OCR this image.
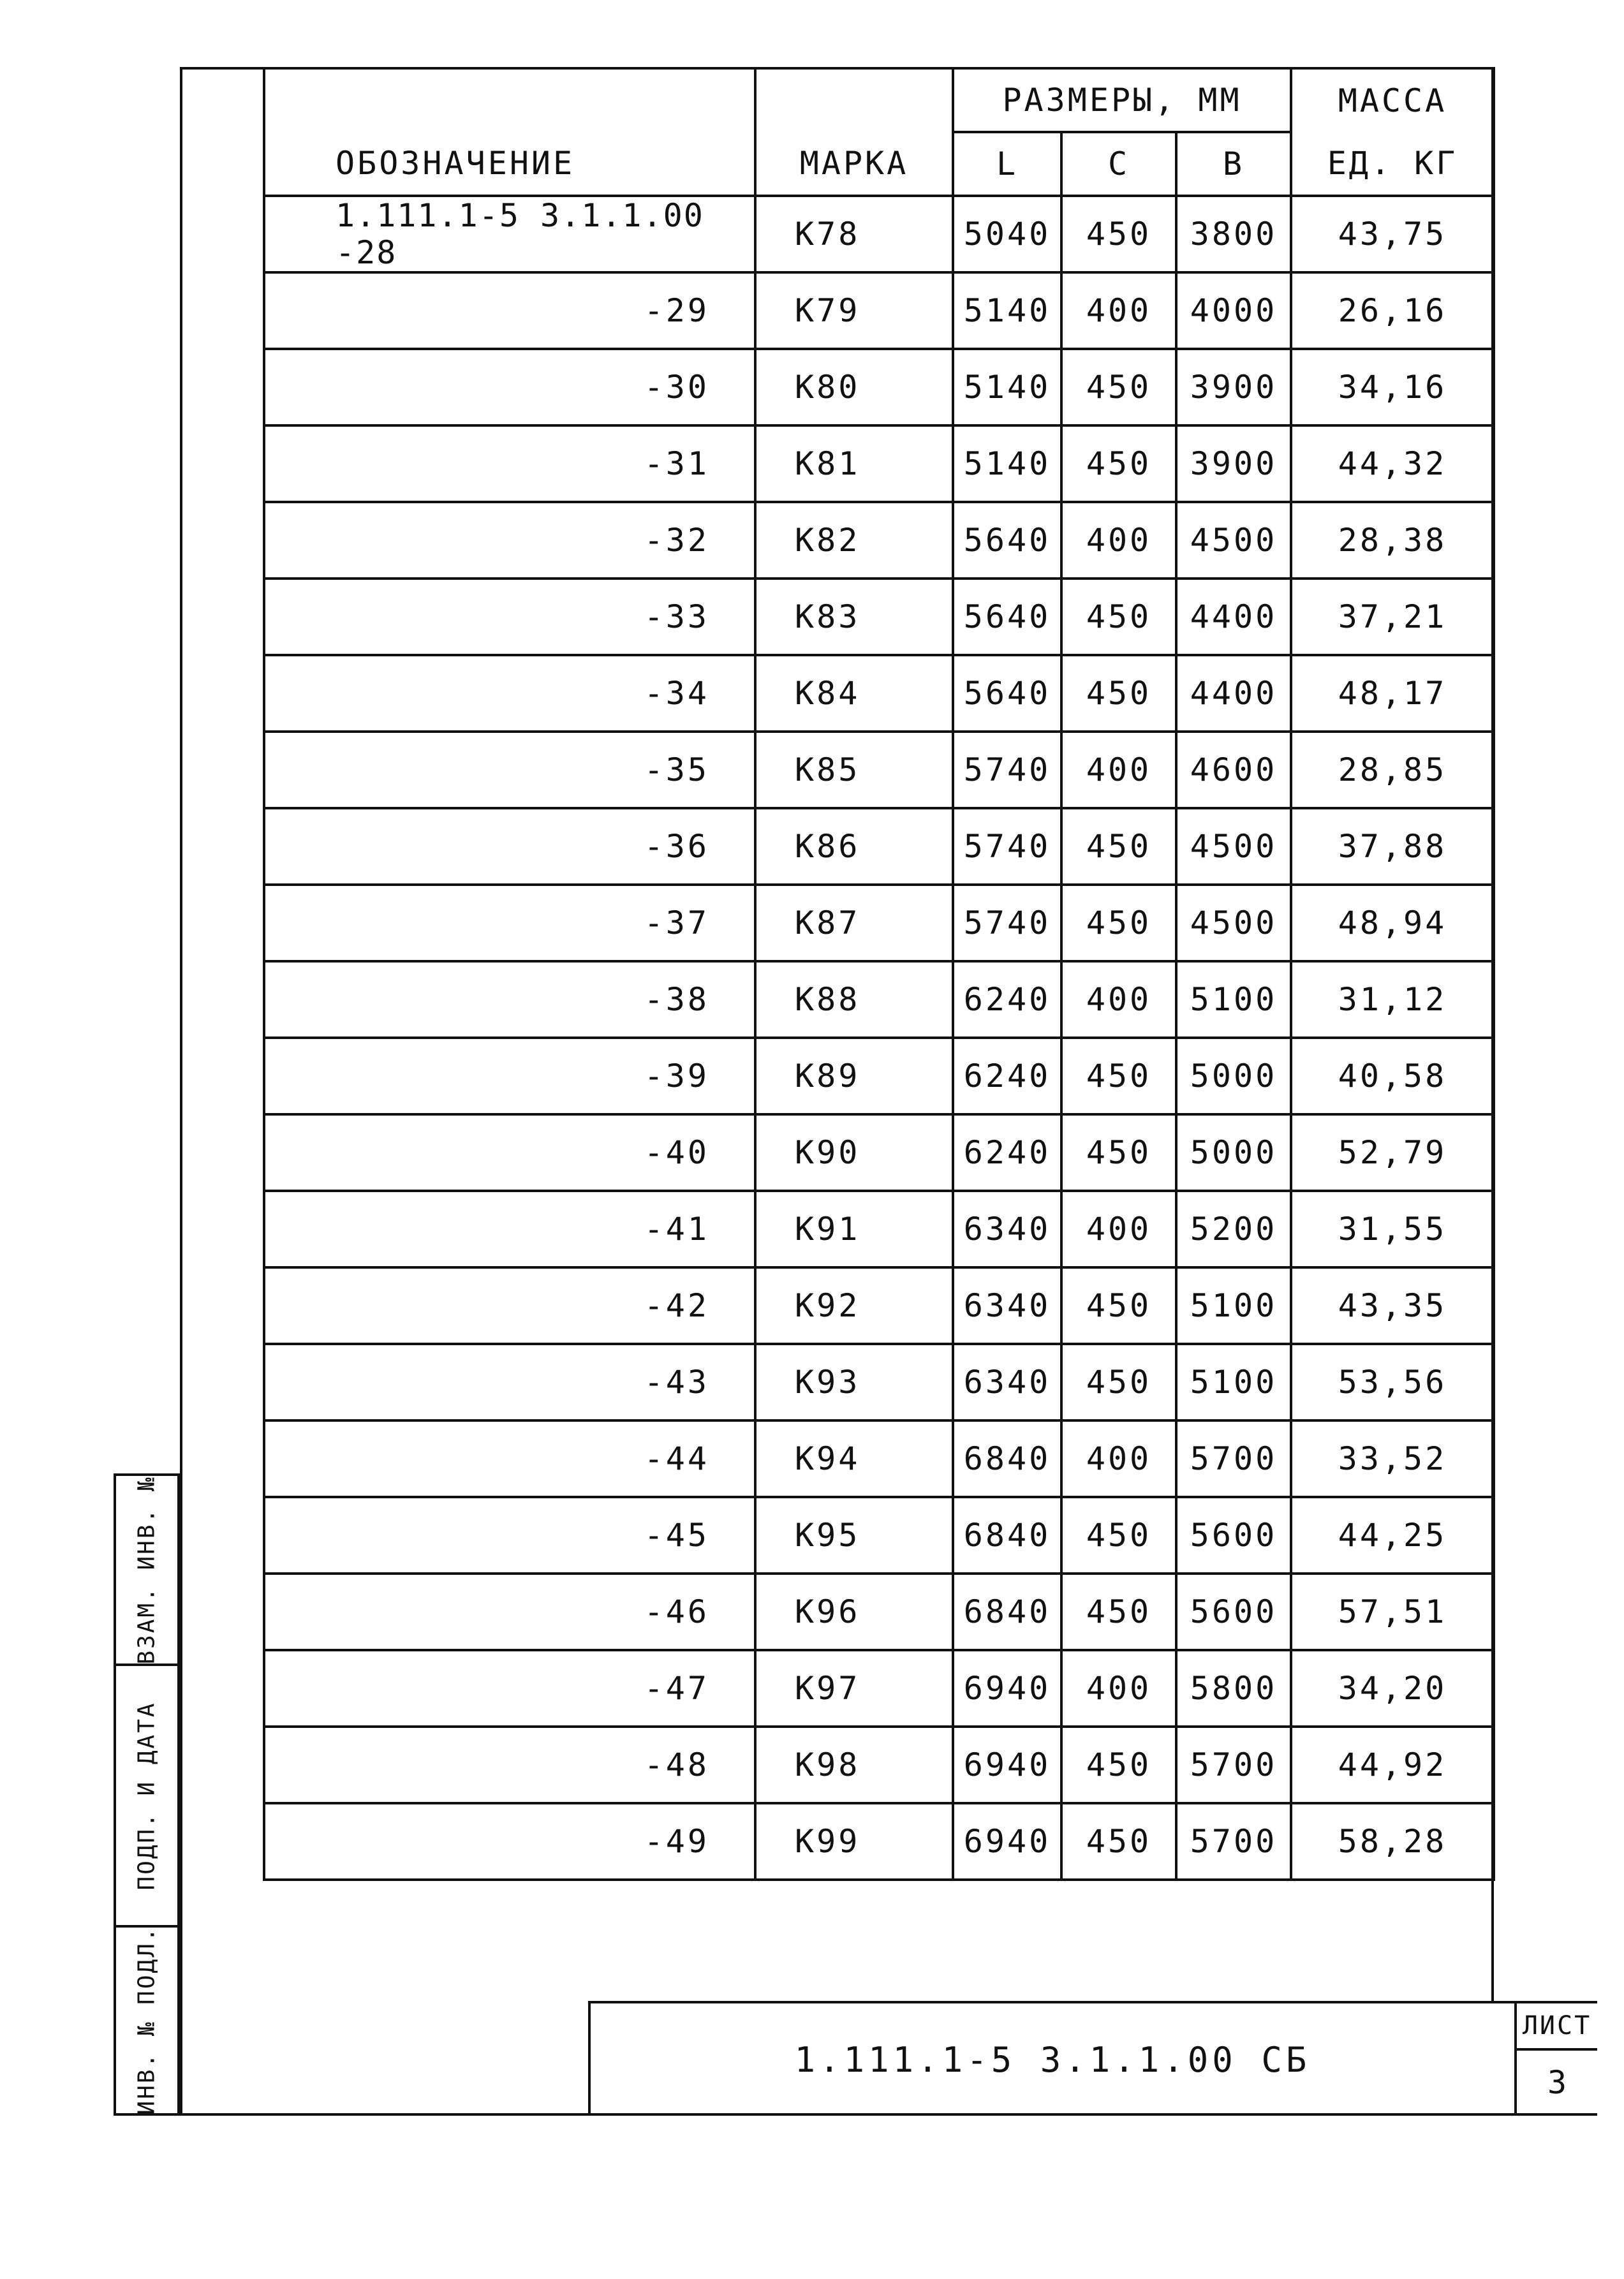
ВЗАМ. ИНВ. №
ПОДП. И ДАТА
ИНВ. № ПОДЛ.
ОБОЗНАЧЕНИЕ	МАРКА	РАЗМЕРЫ, ММ			МАССА
		L	C	B	ЕД. КГ
1.111.1-5 3.1.1.00 -28	К78	5040	450	3800	43,75
-29	К79	5140	400	4000	26,16
-30	К80	5140	450	3900	34,16
-31	К81	5140	450	3900	44,32
-32	К82	5640	400	4500	28,38
-33	К83	5640	450	4400	37,21
-34	К84	5640	450	4400	48,17
-35	К85	5740	400	4600	28,85
-36	К86	5740	450	4500	37,88
-37	К87	5740	450	4500	48,94
-38	К88	6240	400	5100	31,12
-39	К89	6240	450	5000	40,58
-40	К90	6240	450	5000	52,79
-41	К91	6340	400	5200	31,55
-42	К92	6340	450	5100	43,35
-43	К93	6340	450	5100	53,56
-44	К94	6840	400	5700	33,52
-45	К95	6840	450	5600	44,25
-46	К96	6840	450	5600	57,51
-47	К97	6940	400	5800	34,20
-48	К98	6940	450	5700	44,92
-49	К99	6940	450	5700	58,28
1.111.1-5 3.1.1.00 СБ
ЛИСТ
3
